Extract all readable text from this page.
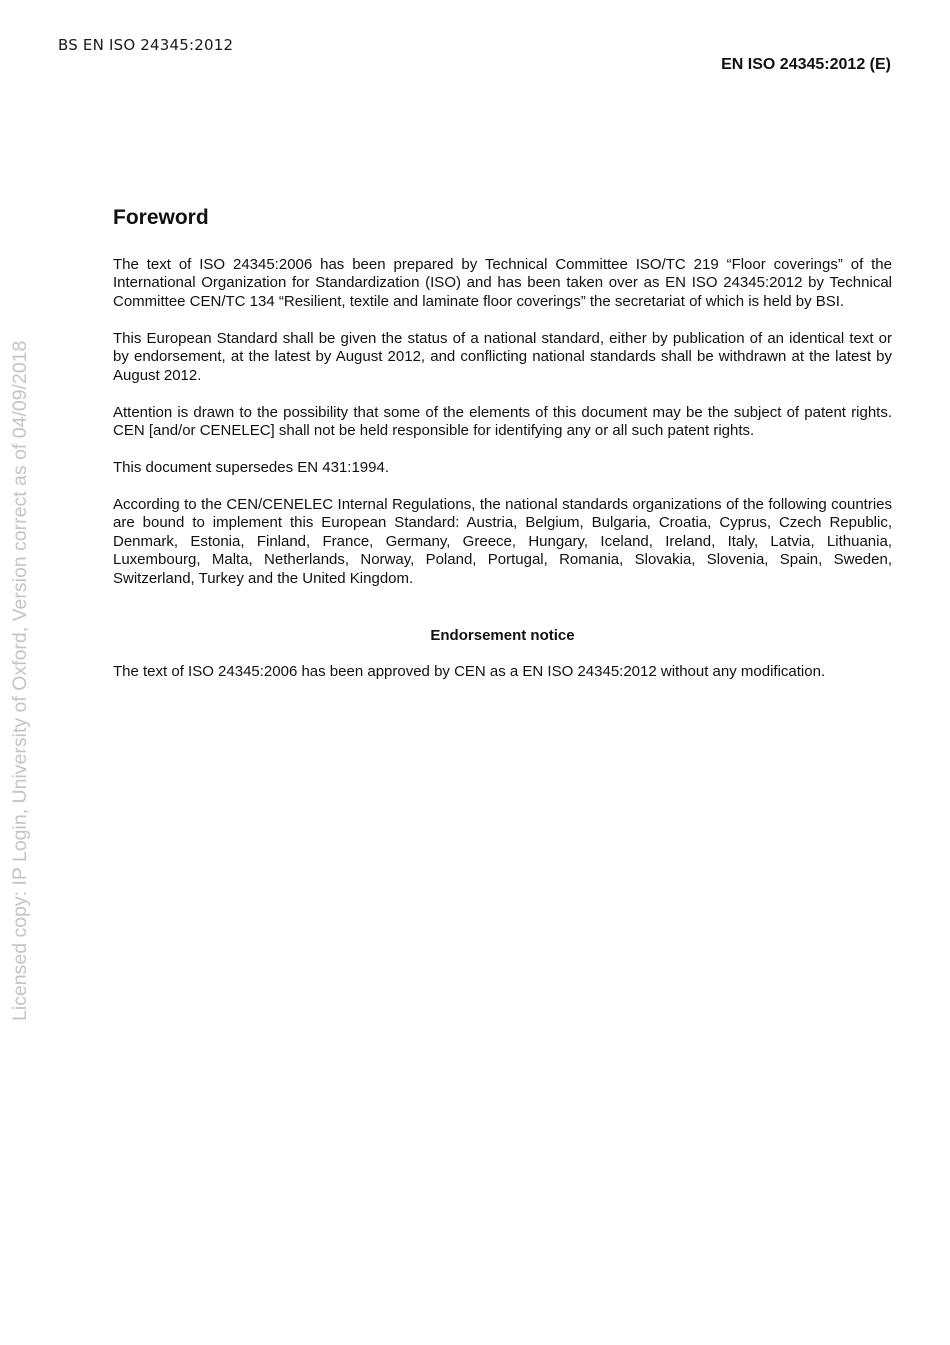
BS EN ISO 24345:2012
EN ISO 24345:2012 (E)
Licensed copy: IP Login, University of Oxford, Version correct as of 04/09/2018
Foreword

The text of ISO 24345:2006 has been prepared by Technical Committee ISO/TC 219 “Floor coverings” of the International Organization for Standardization (ISO) and has been taken over as EN ISO 24345:2012 by Technical Committee CEN/TC 134 “Resilient, textile and laminate floor coverings” the secretariat of which is held by BSI.

This European Standard shall be given the status of a national standard, either by publication of an identical text or by endorsement, at the latest by August 2012, and conflicting national standards shall be withdrawn at the latest by August 2012.

Attention is drawn to the possibility that some of the elements of this document may be the subject of patent rights. CEN [and/or CENELEC] shall not be held responsible for identifying any or all such patent rights.

This document supersedes EN 431:1994.

According to the CEN/CENELEC Internal Regulations, the national standards organizations of the following countries are bound to implement this European Standard: Austria, Belgium, Bulgaria, Croatia, Cyprus, Czech Republic, Denmark, Estonia, Finland, France, Germany, Greece, Hungary, Iceland, Ireland, Italy, Latvia, Lithuania, Luxembourg, Malta, Netherlands, Norway, Poland, Portugal, Romania, Slovakia, Slovenia, Spain, Sweden, Switzerland, Turkey and the United Kingdom.

Endorsement notice

The text of ISO 24345:2006 has been approved by CEN as a EN ISO 24345:2012 without any modification.
